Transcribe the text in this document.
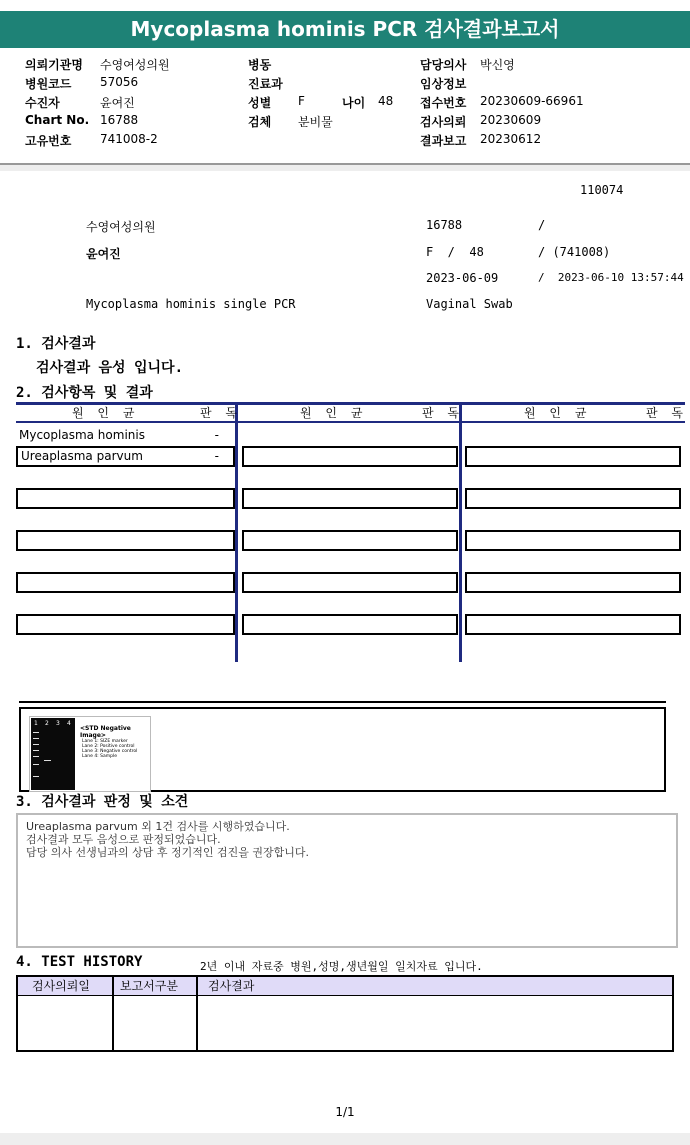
Mycoplasma hominis PCR 검사결과보고서
의뢰기관명 수영여성의원	병동	담당의사 박신영
병원코드 57056	진료과	임상정보
수진자	윤여진	성별 F	나이 48 접수번호 20230609-66961
Chart No. 16788	검체 분비물	검사의뢰 20230609
고유번호 741008-2	결과보고 20230612
110074
수영여성의원	16788	/
윤여진	F  /  48	/ (741008)
2023-06-09	/  2023-06-10 13:57:44
Mycoplasma hominis single PCR	Vaginal Swab
1. 검사결과
검사결과 음성 입니다.
2. 검사항목 및 결과
원 인 균	판 독	원 인 균	판 독	원 인 균	판 독
Mycoplasma hominis	-
Ureaplasma parvum	-
1 2 3 4
<STD Negative Image>
Lane 1: SIZE marker
Lane 2: Positive control
Lane 3: Negative control
Lane 4: Sample
3. 검사결과 판정 및 소견
Ureaplasma parvum 외 1건 검사를 시행하였습니다.
검사결과 모두 음성으로 판정되었습니다.
담당 의사 선생님과의 상담 후 정기적인 검진을 권장합니다.
4. TEST HISTORY	2년 이내 자료중 병원,성명,생년월일 일치자료 입니다.
검사의뢰일	보고서구분	검사결과
1/1
